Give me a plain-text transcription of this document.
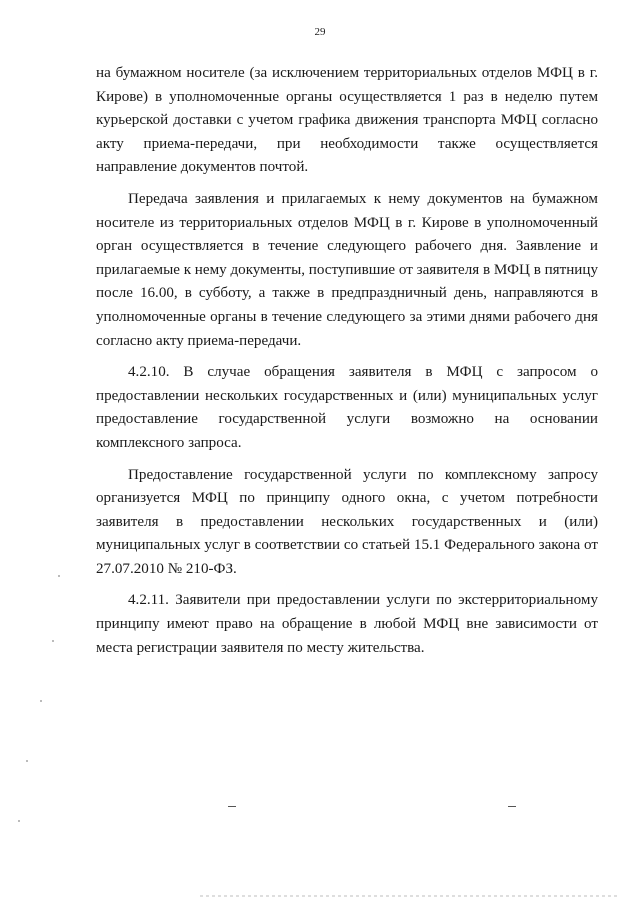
29

на бумажном носителе (за исключением территориальных отделов МФЦ в г. Кирове) в уполномоченные органы осуществляется 1 раз в неделю путем курьерской доставки с учетом графика движения транспорта МФЦ согласно акту приема-передачи, при необходимости также осуществляется направление документов почтой.

Передача заявления и прилагаемых к нему документов на бумажном носителе из территориальных отделов МФЦ в г. Кирове в уполномоченный орган осуществляется в течение следующего рабочего дня. Заявление и прилагаемые к нему документы, поступившие от заявителя в МФЦ в пятницу после 16.00, в субботу, а также в предпраздничный день, направляются в уполномоченные органы в течение следующего за этими днями рабочего дня согласно акту приема-передачи.

4.2.10. В случае обращения заявителя в МФЦ с запросом о предоставлении нескольких государственных и (или) муниципальных услуг предоставление государственной услуги возможно на основании комплексного запроса.

Предоставление государственной услуги по комплексному запросу организуется МФЦ по принципу одного окна, с учетом потребности заявителя в предоставлении нескольких государственных и (или) муниципальных услуг в соответствии со статьей 15.1 Федерального закона от 27.07.2010 № 210-ФЗ.

4.2.11. Заявители при предоставлении услуги по экстерриториальному принципу имеют право на обращение в любой МФЦ вне зависимости от места регистрации заявителя по месту жительства.
